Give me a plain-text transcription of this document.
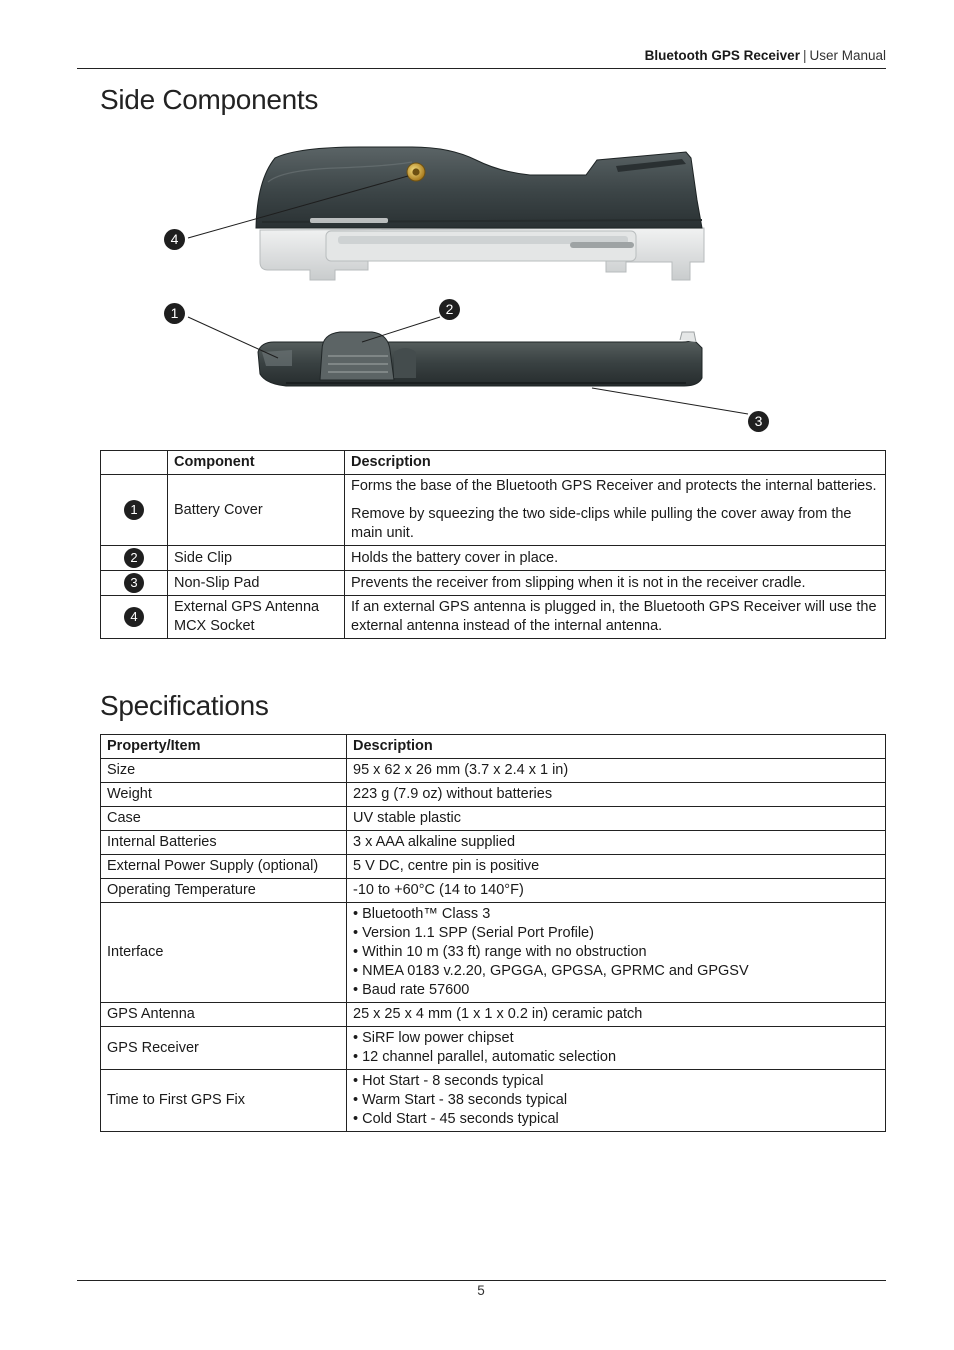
Bluetooth GPS Receiver | User Manual
Side Components
4
1	2
3
	Component	Description
1	Battery Cover	Forms the base of the Bluetooth GPS Receiver and protects the internal batteries.
Remove by squeezing the two side-clips while pulling the cover away from the main unit.

2	Side Clip	Holds the battery cover in place.
3	Non-Slip Pad	Prevents the receiver from slipping when it is not in the receiver cradle.
4	External GPS Antenna MCX Socket	If an external GPS antenna is plugged in, the Bluetooth GPS Receiver will use the external antenna instead of the internal antenna.
Specifications
Property/Item	Description
Size	95 x 62 x 26 mm (3.7 x 2.4 x 1 in)
Weight	223 g (7.9 oz) without batteries
Case	UV stable plastic
Internal Batteries	3 x AAA alkaline supplied
External Power Supply (optional)	5 V DC, centre pin is positive
Operating Temperature	-10 to +60°C (14 to 140°F)
Interface	• Bluetooth™ Class 3
• Version 1.1 SPP (Serial Port Profile)
• Within 10 m (33 ft) range with no obstruction
• NMEA 0183 v.2.20, GPGGA, GPGSA, GPRMC and GPGSV
• Baud rate 57600

GPS Antenna	25 x 25 x 4 mm (1 x 1 x 0.2 in) ceramic patch
GPS Receiver	• SiRF low power chipset
• 12 channel parallel, automatic selection

Time to First GPS Fix	• Hot Start - 8 seconds typical
• Warm Start - 38 seconds typical
• Cold Start - 45 seconds typical
5
